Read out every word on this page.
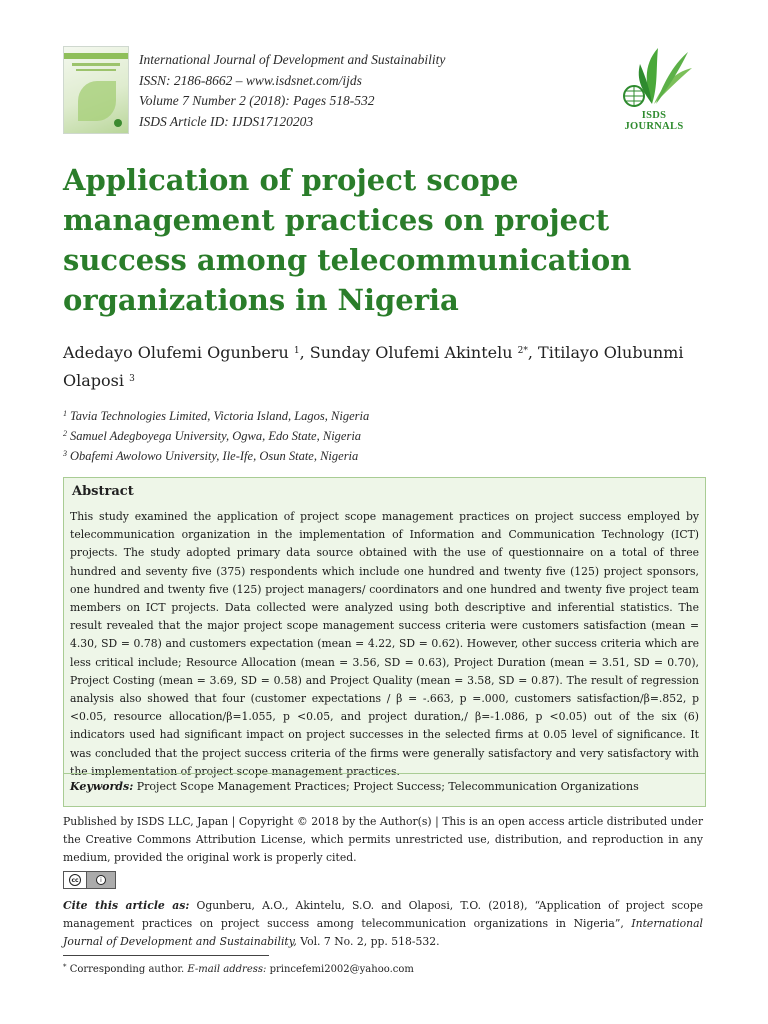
International Journal of Development and Sustainability
ISSN: 2186-8662 – www.isdsnet.com/ijds
Volume 7 Number 2 (2018): Pages 518-532
ISDS Article ID: IJDS17120203	ISDS
JOURNALS
Application of project scope management practices on project success among telecommunication organizations in Nigeria
Adedayo Olufemi Ogunberu $^1$, Sunday Olufemi Akintelu $^{2*}$, Titilayo Olubunmi Olaposi $^3$
$^1$ Tavia Technologies Limited, Victoria Island, Lagos, Nigeria
$^2$ Samuel Adegboyega University, Ogwa, Edo State, Nigeria
$^3$ Obafemi Awolowo University, Ile-Ife, Osun State, Nigeria
Abstract
This study examined the application of project scope management practices on project success employed by telecommunication organization in the implementation of Information and Communication Technology (ICT) projects. The study adopted primary data source obtained with the use of questionnaire on a total of three hundred and seventy five (375) respondents which include one hundred and twenty five (125) project sponsors, one hundred and twenty five (125) project managers/ coordinators and one hundred and twenty five project team members on ICT projects. Data collected were analyzed using both descriptive and inferential statistics. The result revealed that the major project scope management success criteria were customers satisfaction (mean = 4.30, SD = 0.78) and customers expectation (mean = 4.22, SD = 0.62). However, other success criteria which are less critical include; Resource Allocation (mean = 3.56, SD = 0.63), Project Duration (mean = 3.51, SD = 0.70), Project Costing (mean = 3.69, SD = 0.58) and Project Quality (mean = 3.58, SD = 0.87). The result of regression analysis also showed that four (customer expectations / β = -.663, p =.000, customers satisfaction/β=.852, p <0.05, resource allocation/β=1.055, p <0.05, and project duration,/ β=-1.086, p <0.05) out of the six (6) indicators used had significant impact on project successes in the selected firms at 0.05 level of significance. It was concluded that the project success criteria of the firms were generally satisfactory and very satisfactory with the implementation of project scope management practices.
Keywords: Project Scope Management Practices; Project Success; Telecommunication Organizations
Published by ISDS LLC, Japan | Copyright © 2018 by the Author(s) | This is an open access article distributed under the Creative Commons Attribution License, which permits unrestricted use, distribution, and reproduction in any medium, provided the original work is properly cited.
cc	i
Cite this article as: Ogunberu, A.O., Akintelu, S.O. and Olaposi, T.O. (2018), “Application of project scope management practices on project success among telecommunication organizations in Nigeria”, International Journal of Development and Sustainability, Vol. 7 No. 2, pp. 518-532.
* Corresponding author. E-mail address: princefemi2002@yahoo.com
